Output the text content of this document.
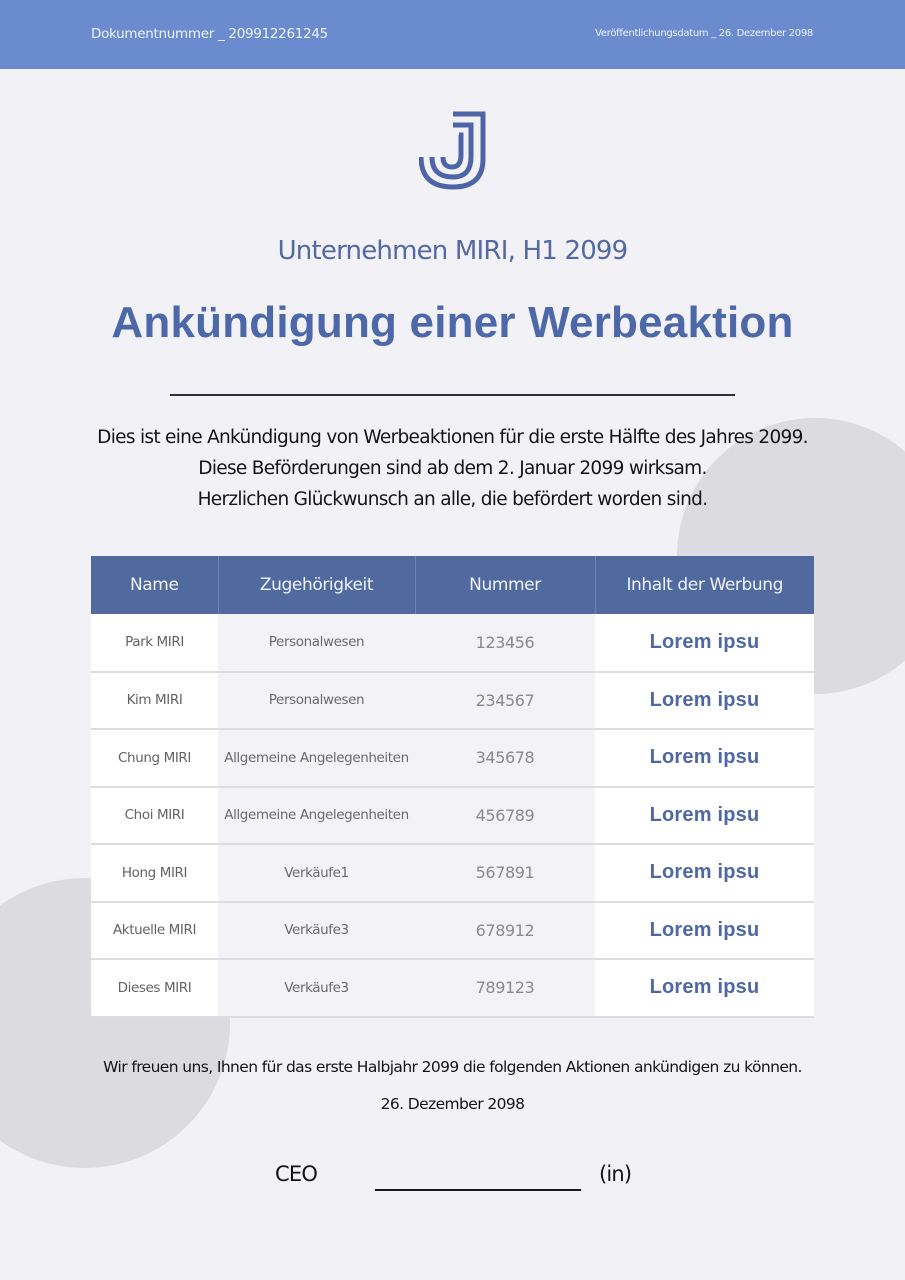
Dokumentnummer _ 209912261245	Veröffentlichungsdatum _ 26. Dezember 2098
Unternehmen MIRI, H1 2099
Ankündigung einer Werbeaktion
Dies ist eine Ankündigung von Werbeaktionen für die erste Hälfte des Jahres 2099.
Diese Beförderungen sind ab dem 2. Januar 2099 wirksam.
Herzlichen Glückwunsch an alle, die befördert worden sind.
Name	Zugehörigkeit	Nummer	Inhalt der Werbung
Park MIRI	Personalwesen	123456	Lorem ipsu
Kim MIRI	Personalwesen	234567	Lorem ipsu
Chung MIRI	Allgemeine Angelegenheiten	345678	Lorem ipsu
Choi MIRI	Allgemeine Angelegenheiten	456789	Lorem ipsu
Hong MIRI	Verkäufe1	567891	Lorem ipsu
Aktuelle MIRI	Verkäufe3	678912	Lorem ipsu
Dieses MIRI	Verkäufe3	789123	Lorem ipsu
Wir freuen uns, Ihnen für das erste Halbjahr 2099 die folgenden Aktionen ankündigen zu können.
26. Dezember 2098
CEO	(in)
